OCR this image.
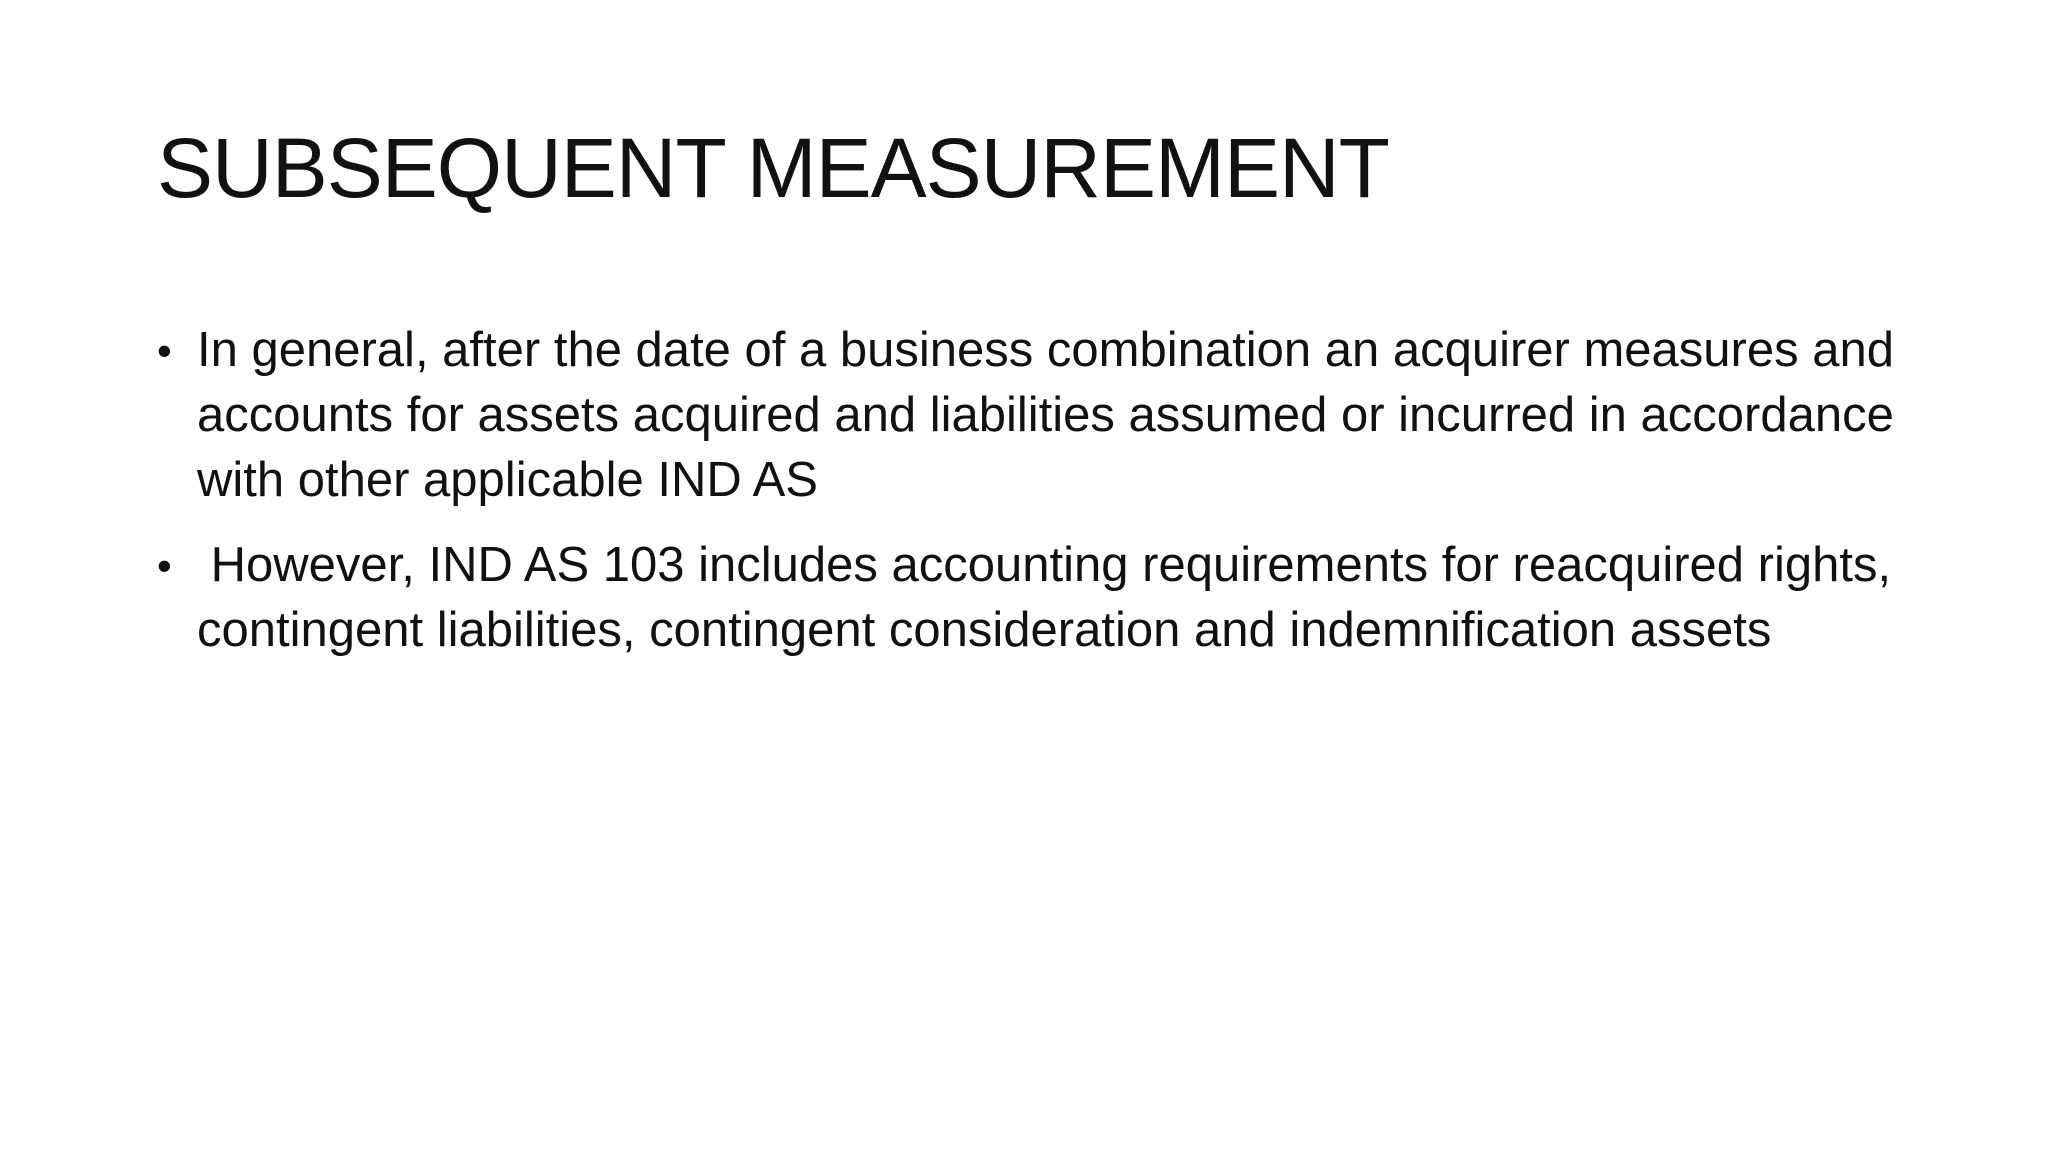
SUBSEQUENT MEASUREMENT
• In general, after the date of a business combination an acquirer measures and accounts for assets acquired and liabilities assumed or incurred in accordance with other applicable IND AS
• However, IND AS 103 includes accounting requirements for reacquired rights, contingent liabilities, contingent consideration and indemnification assets
